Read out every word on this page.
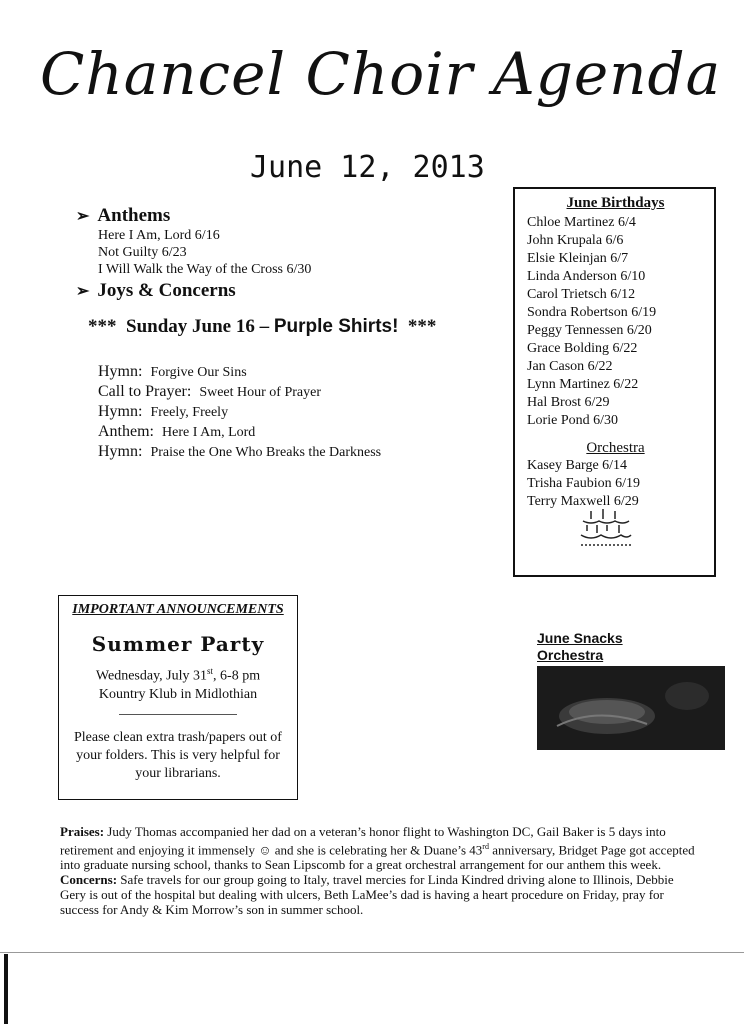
Chancel Choir Agenda
June 12, 2013
➢ Anthems
Here I Am, Lord 6/16
Not Guilty 6/23
I Will Walk the Way of the Cross 6/30
➢ Joys & Concerns
*** Sunday June 16 – Purple Shirts! ***
Hymn: Forgive Our Sins
Call to Prayer: Sweet Hour of Prayer
Hymn: Freely, Freely
Anthem: Here I Am, Lord
Hymn: Praise the One Who Breaks the Darkness
June Birthdays
Chloe Martinez 6/4
John Krupala 6/6
Elsie Kleinjan 6/7
Linda Anderson 6/10
Carol Trietsch 6/12
Sondra Robertson 6/19
Peggy Tennessen 6/20
Grace Bolding 6/22
Jan Cason 6/22
Lynn Martinez 6/22
Hal Brost 6/29
Lorie Pond 6/30
Orchestra
Kasey Barge 6/14
Trisha Faubion 6/19
Terry Maxwell 6/29
IMPORTANT ANNOUNCEMENTS
Summer Party
Wednesday, July 31st, 6-8 pm
Kountry Klub in Midlothian
Please clean extra trash/papers out of your folders. This is very helpful for your librarians.
June Snacks
Orchestra
Praises: Judy Thomas accompanied her dad on a veteran’s honor flight to Washington DC, Gail Baker is 5 days into retirement and enjoying it immensely ☺ and she is celebrating her & Duane’s 43rd anniversary, Bridget Page got accepted into graduate nursing school, thanks to Sean Lipscomb for a great orchestral arrangement for our anthem this week.
Concerns: Safe travels for our group going to Italy, travel mercies for Linda Kindred driving alone to Illinois, Debbie Gery is out of the hospital but dealing with ulcers, Beth LaMee’s dad is having a heart procedure on Friday, pray for success for Andy & Kim Morrow’s son in summer school.
